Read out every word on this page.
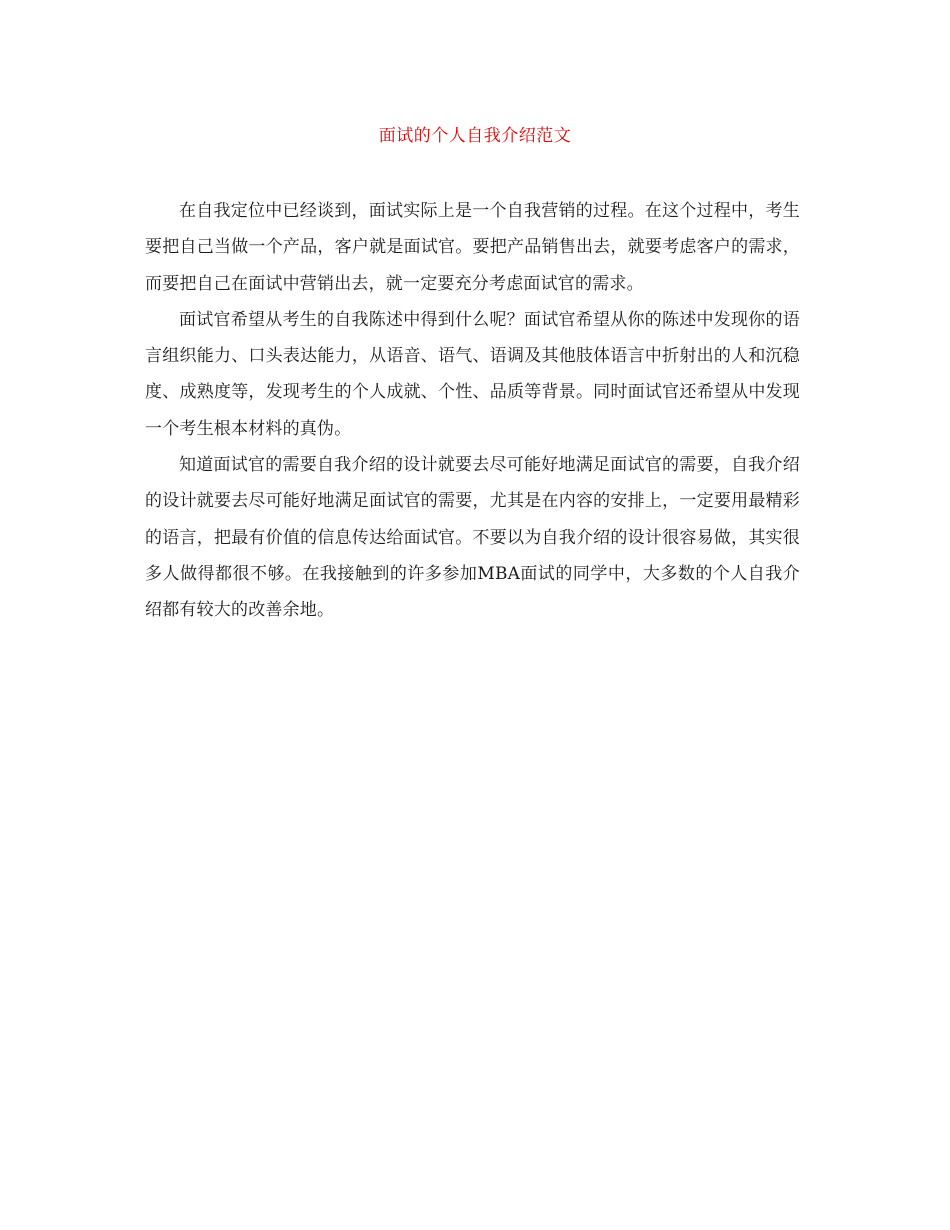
面试的个人自我介绍范文

在自我定位中已经谈到，面试实际上是一个自我营销的过程。在这个过程中，考生要把自己当做一个产品，客户就是面试官。要把产品销售出去，就要考虑客户的需求，而要把自己在面试中营销出去，就一定要充分考虑面试官的需求。

面试官希望从考生的自我陈述中得到什么呢？面试官希望从你的陈述中发现你的语言组织能力、口头表达能力，从语音、语气、语调及其他肢体语言中折射出的人和沉稳度、成熟度等，发现考生的个人成就、个性、品质等背景。同时面试官还希望从中发现一个考生根本材料的真伪。

知道面试官的需要自我介绍的设计就要去尽可能好地满足面试官的需要，自我介绍的设计就要去尽可能好地满足面试官的需要，尤其是在内容的安排上，一定要用最精彩的语言，把最有价值的信息传达给面试官。不要以为自我介绍的设计很容易做，其实很多人做得都很不够。在我接触到的许多参加MBA面试的同学中，大多数的个人自我介绍都有较大的改善余地。
